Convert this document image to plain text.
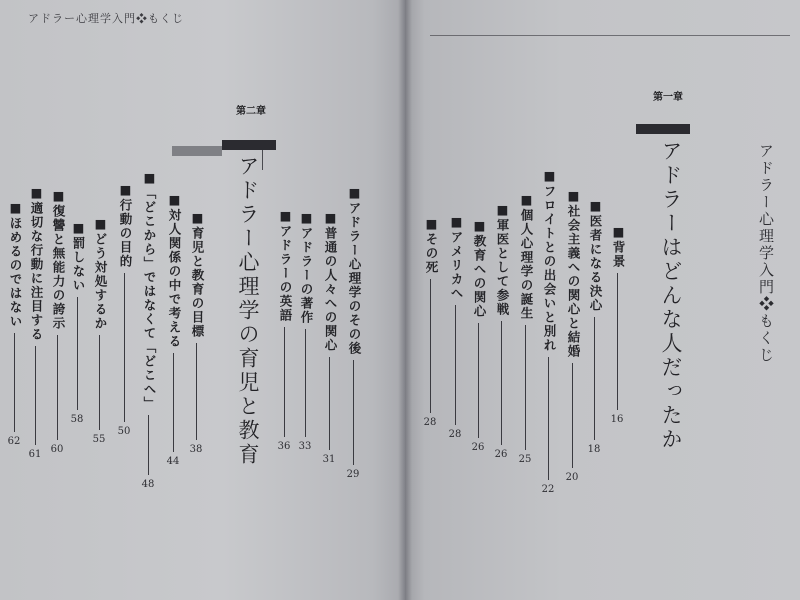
アドラー心理学入門❖もくじ
アドラー心理学入門❖もくじ
第一章
アドラーはどんな人だったか
■背景
16
■医者になる決心
18
■社会主義への関心と結婚
20
■フロイトとの出会いと別れ
22
■個人心理学の誕生
25
■軍医として参戦
26
■教育への関心
26
■アメリカへ
28
■その死
28
第二章
アドラー心理学の育児と教育	■アドラー心理学のその後
29
■普通の人々への関心
31
■アドラーの著作
33
■アドラーの英語
36
■育児と教育の目標
38
■対人関係の中で考える
44
■「どこから」ではなくて「どこへ」
48
■行動の目的
50
■どう対処するか
55
■罰しない
58
■復讐と無能力の誇示
60
■適切な行動に注目する
61
■ほめるのではない
62
